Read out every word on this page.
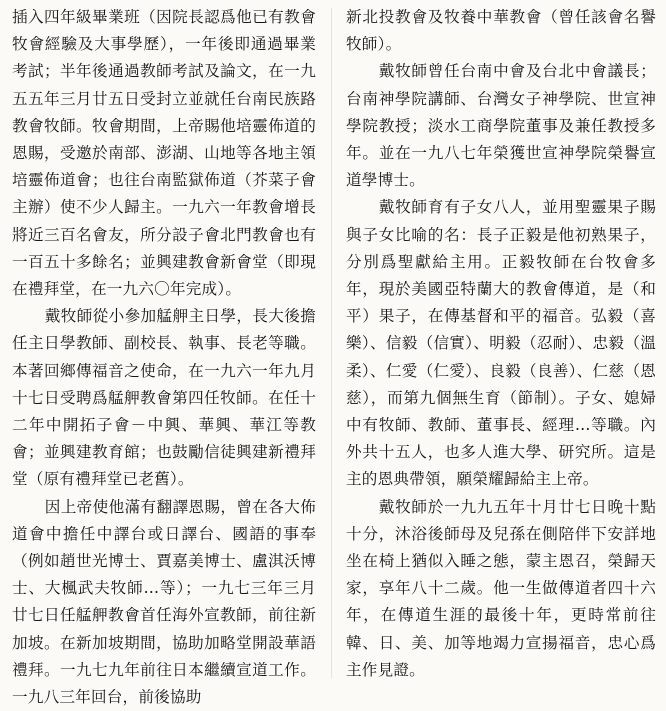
插入四年級畢業班（因院長認爲他已有教會牧會經驗及大事學歷），一年後即通過畢業考試；半年後通過教師考試及論文，在一九五五年三月廿五日受封立並就任台南民族路教會牧師。牧會期間，上帝賜他培靈佈道的恩賜，受邀於南部、澎湖、山地等各地主領培靈佈道會；也往台南監獄佈道（芥菜子會主辦）使不少人歸主。一九六一年教會增長將近三百名會友，所分設子會北門教會也有一百五十多餘名；並興建教會新會堂（即現在禮拜堂，在一九六〇年完成）。

戴牧師從小參加艋舺主日學，長大後擔任主日學教師、副校長、執事、長老等職。本著回鄉傳福音之使命，在一九六一年九月十七日受聘爲艋舺教會第四任牧師。在任十二年中開拓子會－中興、華興、華江等教會；並興建教育館；也鼓勵信徒興建新禮拜堂（原有禮拜堂已老舊）。

因上帝使他滿有翻譯恩賜，曾在各大佈道會中擔任中譯台或日譯台、國語的事奉（例如趙世光博士、賈嘉美博士、盧淇沃博士、大楓武夫牧師…等）；一九七三年三月廿七日任艋舺教會首任海外宣教師，前往新加坡。在新加坡期間，協助加略堂開設華語禮拜。一九七九年前往日本繼續宣道工作。一九八三年回台，前後協助

新北投教會及牧養中華教會（曾任該會名譽牧師）。

戴牧師曾任台南中會及台北中會議長；台南神學院講師、台灣女子神學院、世宣神學院教授；淡水工商學院董事及兼任教授多年。並在一九八七年榮獲世宣神學院榮譽宣道學博士。

戴牧師育有子女八人，並用聖靈果子賜與子女比喻的名：長子正毅是他初熟果子，分別爲聖獻給主用。正毅牧師在台牧會多年，現於美國亞特蘭大的教會傳道，是（和平）果子，在傳基督和平的福音。弘毅（喜樂）、信毅（信實）、明毅（忍耐）、忠毅（溫柔）、仁愛（仁愛）、良毅（良善）、仁慈（恩慈），而第九個無生育（節制）。子女、媳婦中有牧師、教師、董事長、經理…等職。內外共十五人，也多人進大學、研究所。這是主的恩典帶領，願榮耀歸給主上帝。

戴牧師於一九九五年十月廿七日晚十點十分，沐浴後師母及兒孫在側陪伴下安詳地坐在椅上猶似入睡之態，蒙主恩召，榮歸天家，享年八十二歲。他一生做傳道者四十六年，在傳道生涯的最後十年，更時常前往韓、日、美、加等地竭力宣揚福音，忠心爲主作見證。
